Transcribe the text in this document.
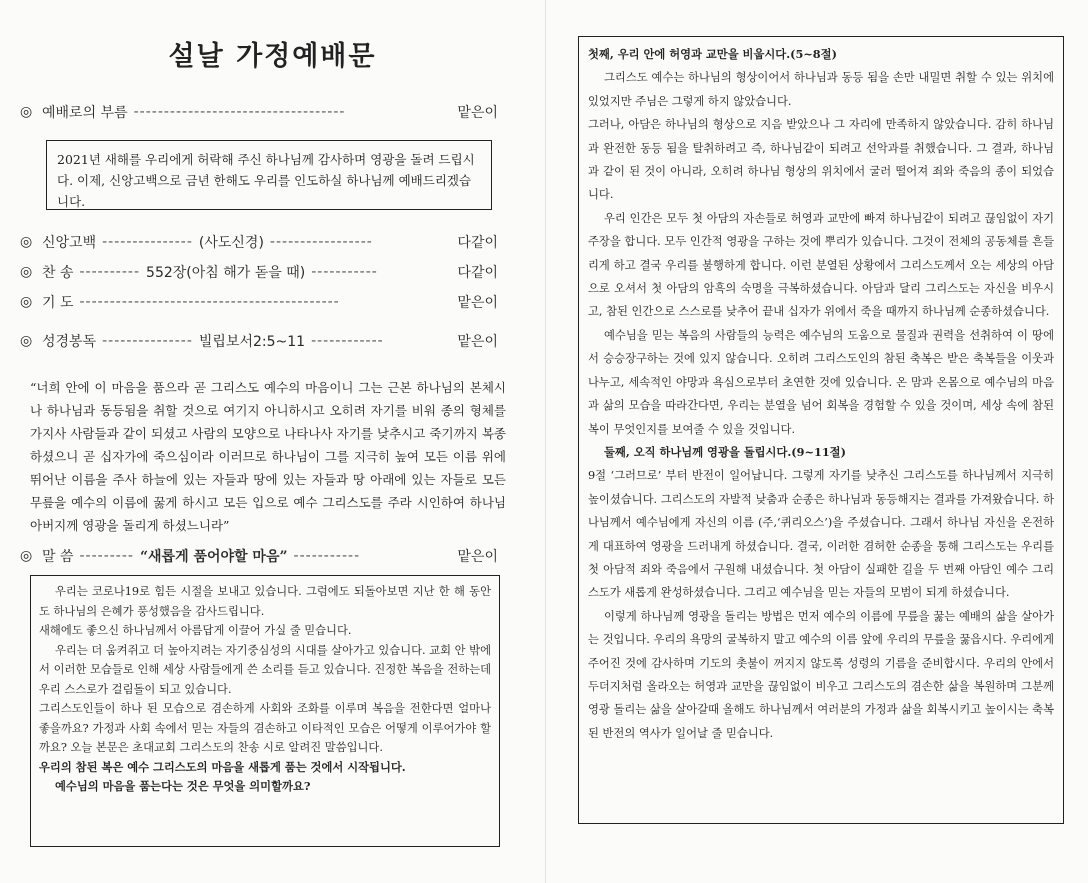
설날 가정예배문
◎ 예배로의 부름 -----------------------------------	맡은이
2021년 새해를 우리에게 허락해 주신 하나님께 감사하며 영광을 돌려 드립시다. 이제, 신앙고백으로 금년 한해도 우리를 인도하실 하나님께 예배드리겠습니다.
◎ 신앙고백 --------------- (사도신경) -----------------	다같이
◎ 찬 송 ---------- 552장(아침 해가 돋을 때) -----------	다같이
◎ 기 도 -------------------------------------------	맡은이
◎ 성경봉독 --------------- 빌립보서2:5~11 ------------	맡은이
“너희 안에 이 마음을 품으라 곧 그리스도 예수의 마음이니 그는 근본 하나님의 본체시나 하나님과 동등됨을 취할 것으로 여기지 아니하시고 오히려 자기를 비워 종의 형체를 가지사 사람들과 같이 되셨고 사람의 모양으로 나타나사 자기를 낮추시고 죽기까지 복종하셨으니 곧 십자가에 죽으심이라 이러므로 하나님이 그를 지극히 높여 모든 이름 위에 뛰어난 이름을 주사 하늘에 있는 자들과 땅에 있는 자들과 땅 아래에 있는 자들로 모든 무릎을 예수의 이름에 꿇게 하시고 모든 입으로 예수 그리스도를 주라 시인하여 하나님 아버지께 영광을 돌리게 하셨느니라”
◎ 말 씀 --------- “새롭게 품어야할 마음” -----------	맡은이

우리는 코로나19로 힘든 시절을 보내고 있습니다. 그럼에도 되돌아보면 지난 한 해 동안도 하나님의 은혜가 풍성했음을 감사드립니다.

새해에도 좋으신 하나님께서 아름답게 이끌어 가실 줄 믿습니다.

우리는 더 움켜쥐고 더 높아지려는 자기중심성의 시대를 살아가고 있습니다. 교회 안 밖에서 이러한 모습들로 인해 세상 사람들에게 쓴 소리를 듣고 있습니다. 진정한 복음을 전하는데 우리 스스로가 걸림돌이 되고 있습니다.

그리스도인들이 하나 된 모습으로 겸손하게 사회와 조화를 이루며 복음을 전한다면 얼마나 좋을까요? 가정과 사회 속에서 믿는 자들의 겸손하고 이타적인 모습은 어떻게 이루어가야 할까요? 오늘 본문은 초대교회 그리스도의 찬송 시로 알려진 말씀입니다.

우리의 참된 복은 예수 그리스도의 마음을 새롭게 품는 것에서 시작됩니다.

예수님의 마음을 품는다는 것은 무엇을 의미할까요?

첫째, 우리 안에 허영과 교만을 비웁시다.(5~8절)

그리스도 예수는 하나님의 형상이어서 하나님과 동등 됨을 손만 내밀면 취할 수 있는 위치에 있었지만 주님은 그렇게 하지 않았습니다.

그러나, 아담은 하나님의 형상으로 지음 받았으나 그 자리에 만족하지 않았습니다. 감히 하나님과 완전한 동등 됨을 탈취하려고 즉, 하나님같이 되려고 선악과를 취했습니다. 그 결과, 하나님과 같이 된 것이 아니라, 오히려 하나님 형상의 위치에서 굴러 떨어져 죄와 죽음의 종이 되었습니다.

우리 인간은 모두 첫 아담의 자손들로 허영과 교만에 빠져 하나님같이 되려고 끊임없이 자기주장을 합니다. 모두 인간적 영광을 구하는 것에 뿌리가 있습니다. 그것이 전체의 공동체를 흔들리게 하고 결국 우리를 불행하게 합니다. 이런 분열된 상황에서 그리스도께서 오는 세상의 아담으로 오셔서 첫 아담의 암흑의 숙명을 극복하셨습니다. 아담과 달리 그리스도는 자신을 비우시고, 참된 인간으로 스스로를 낮추어 끝내 십자가 위에서 죽을 때까지 하나님께 순종하셨습니다.

예수님을 믿는 복음의 사람들의 능력은 예수님의 도움으로 물질과 권력을 선취하여 이 땅에서 승승장구하는 것에 있지 않습니다. 오히려 그리스도인의 참된 축복은 받은 축복들을 이웃과 나누고, 세속적인 야망과 욕심으로부터 초연한 것에 있습니다. 온 맘과 온몸으로 예수님의 마음과 삶의 모습을 따라간다면, 우리는 분열을 넘어 회복을 경험할 수 있을 것이며, 세상 속에 참된 복이 무엇인지를 보여줄 수 있을 것입니다.

둘째, 오직 하나님께 영광을 돌립시다.(9~11절)

9절 ‘그러므로’ 부터 반전이 일어납니다. 그렇게 자기를 낮추신 그리스도를 하나님께서 지극히 높이셨습니다. 그리스도의 자발적 낮춤과 순종은 하나님과 동등해지는 결과를 가져왔습니다. 하나님께서 예수님에게 자신의 이름 (주,‘퀴리오스’)을 주셨습니다. 그래서 하나님 자신을 온전하게 대표하여 영광을 드러내게 하셨습니다. 결국, 이러한 겸허한 순종을 통해 그리스도는 우리를 첫 아담적 죄와 죽음에서 구원해 내셨습니다. 첫 아담이 실패한 길을 두 번째 아담인 예수 그리스도가 새롭게 완성하셨습니다. 그리고 예수님을 믿는 자들의 모범이 되게 하셨습니다.

이렇게 하나님께 영광을 돌리는 방법은 먼저 예수의 이름에 무릎을 꿇는 예배의 삶을 살아가는 것입니다. 우리의 욕망의 굴복하지 말고 예수의 이름 앞에 우리의 무릎을 꿇읍시다. 우리에게 주어진 것에 감사하며 기도의 촛불이 꺼지지 않도록 성령의 기름을 준비합시다. 우리의 안에서 두더지처럼 올라오는 허영과 교만을 끊임없이 비우고 그리스도의 겸손한 삶을 복원하며 그분께 영광 돌리는 삶을 살아갈때 올해도 하나님께서 여러분의 가정과 삶을 회복시키고 높이시는 축복된 반전의 역사가 일어날 줄 믿습니다.
